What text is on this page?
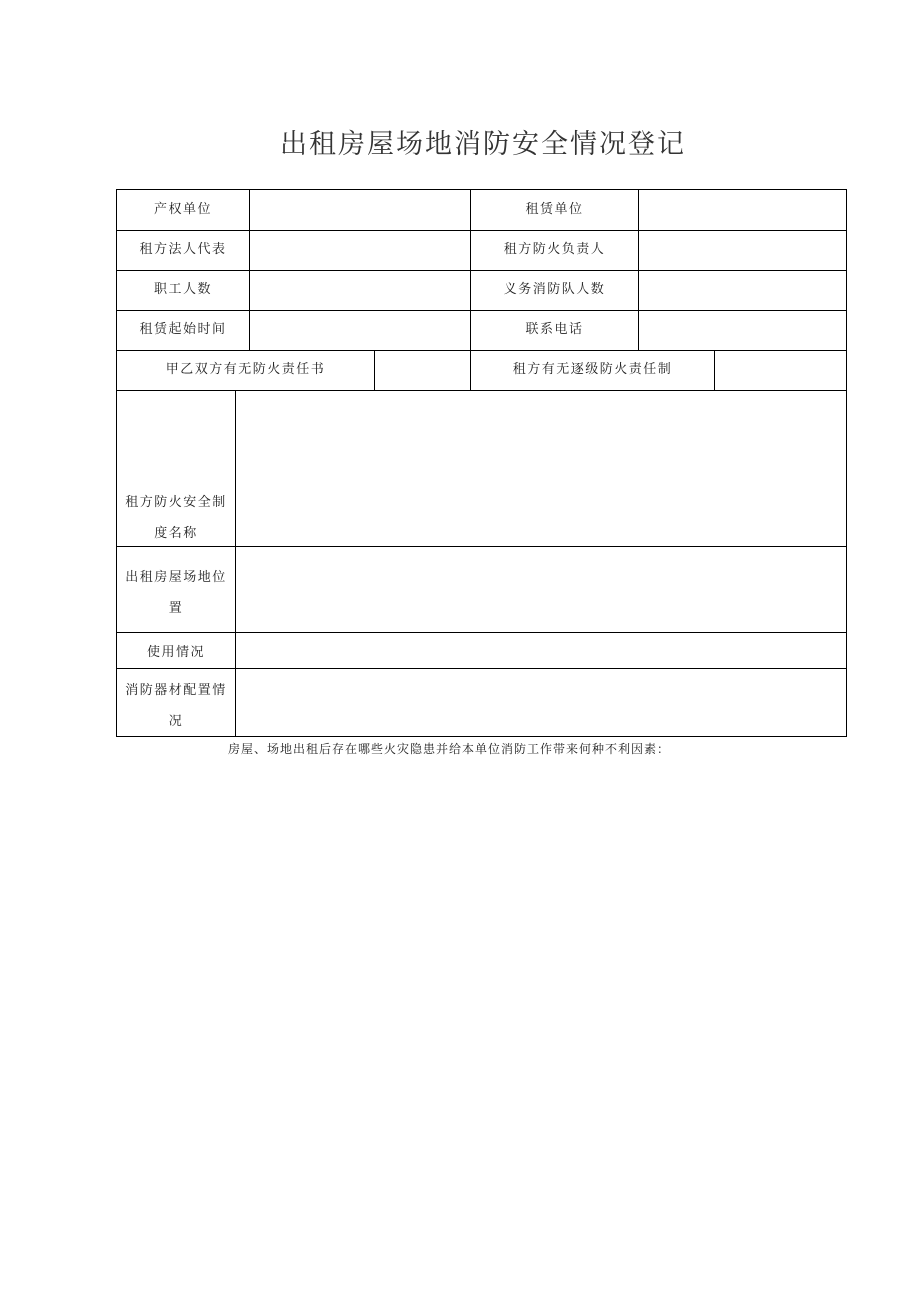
出租房屋场地消防安全情况登记
产权单位	租赁单位
租方法人代表	租方防火负责人
职工人数	义务消防队人数
租赁起始时间	联系电话
甲乙双方有无防火责任书	租方有无逐级防火责任制
租方防火安全制
度名称
出租房屋场地位
置
使用情况
消防器材配置情
况
房屋、场地出租后存在哪些火灾隐患并给本单位消防工作带来何种不利因素：
